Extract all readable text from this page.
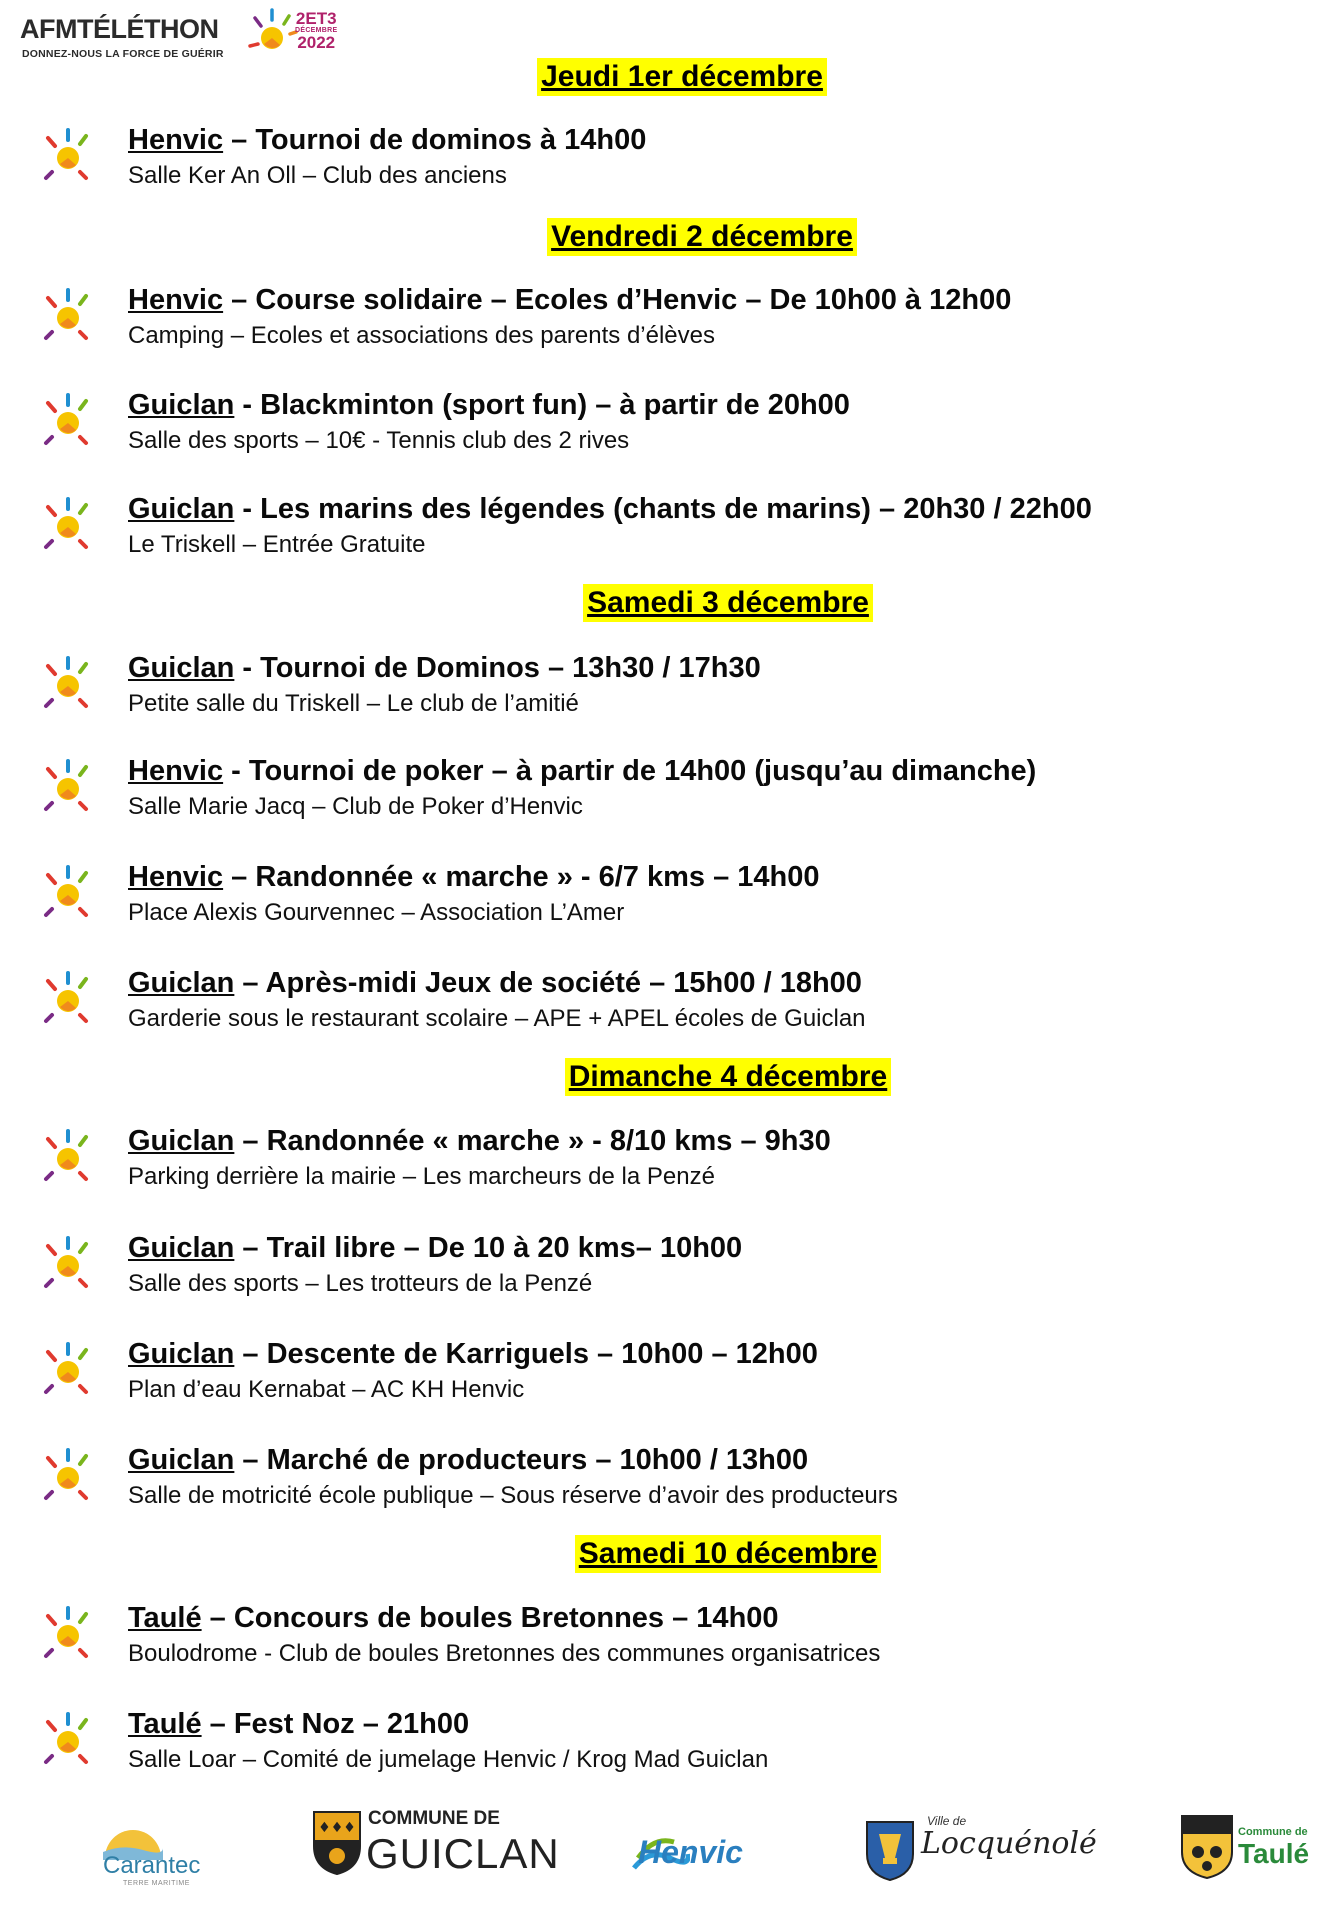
AFMTÉLÉTHON
DONNEZ-NOUS LA FORCE DE GUÉRIR
2ET3
DÉCEMBRE
2022
Jeudi 1er décembre
Henvic – Tournoi de dominos à 14h00
Salle Ker An Oll – Club des anciens
Vendredi 2 décembre
Henvic – Course solidaire – Ecoles d’Henvic – De 10h00 à 12h00
Camping – Ecoles et associations des parents d’élèves
Guiclan - Blackminton (sport fun) – à partir de 20h00
Salle des sports – 10€ - Tennis club des 2 rives
Guiclan - Les marins des légendes (chants de marins) – 20h30 / 22h00
Le Triskell – Entrée Gratuite
Samedi 3 décembre
Guiclan - Tournoi de Dominos – 13h30 / 17h30
Petite salle du Triskell – Le club de l’amitié
Henvic - Tournoi de poker – à partir de 14h00 (jusqu’au dimanche)
Salle Marie Jacq – Club de Poker d’Henvic
Henvic – Randonnée « marche » - 6/7 kms – 14h00
Place Alexis Gourvennec – Association L’Amer
Guiclan – Après-midi Jeux de société – 15h00 / 18h00
Garderie sous le restaurant scolaire – APE + APEL écoles de Guiclan
Dimanche 4 décembre
Guiclan – Randonnée « marche » - 8/10 kms – 9h30
Parking derrière la mairie – Les marcheurs de la Penzé
Guiclan – Trail libre – De 10 à 20 kms– 10h00
Salle des sports – Les trotteurs de la Penzé
Guiclan – Descente de Karriguels – 10h00 – 12h00
Plan d’eau Kernabat – AC KH Henvic
Guiclan – Marché de producteurs – 10h00 / 13h00
Salle de motricité école publique – Sous réserve d’avoir des producteurs
Samedi 10 décembre
Taulé – Concours de boules Bretonnes – 14h00
Boulodrome - Club de boules Bretonnes des communes organisatrices
Taulé – Fest Noz – 21h00
Salle Loar – Comité de jumelage Henvic / Krog Mad Guiclan
Carantec
TERRE MARITIME
♦♦♦ COMMUNE DE
GUICLAN Henvic
Ville de
Locquénolé	Commune de
Taulé
